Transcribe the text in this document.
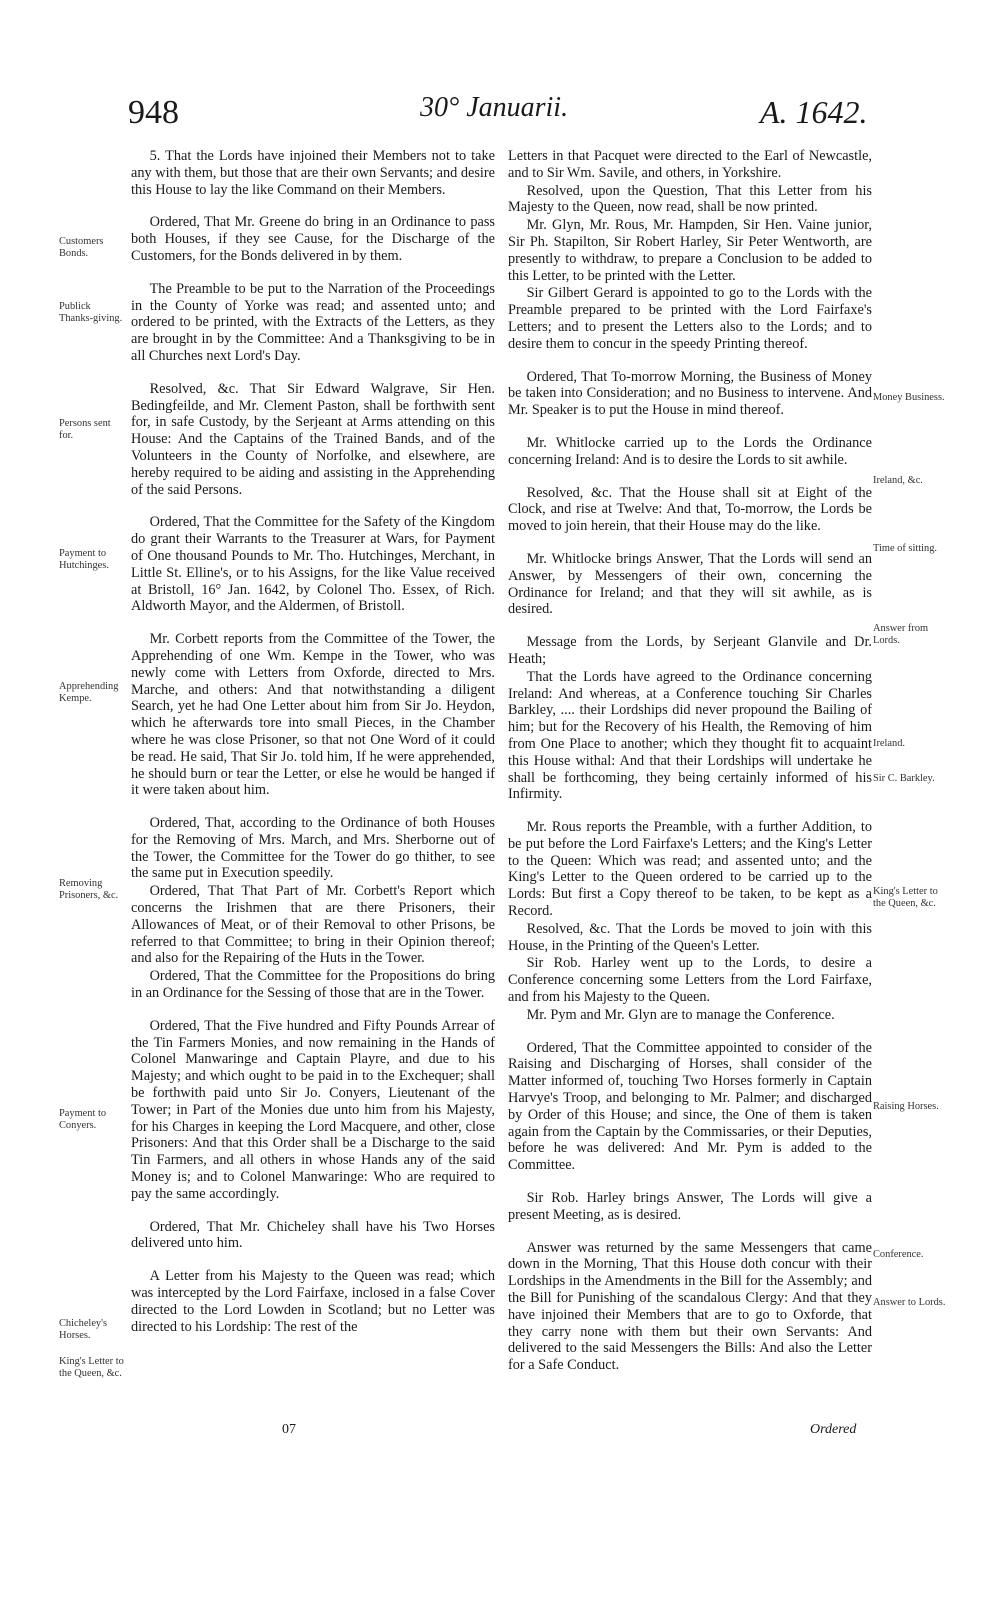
948	30° Januarii.	A. 1642.
Customers Bonds.
Publick Thanks-giving.
Persons sent for.
Payment to Hutchinges.
Apprehending Kempe.
Removing Prisoners, &c.
Payment to Conyers.
Chicheley's Horses.
King's Letter to the Queen, &c.
Money Business.
Ireland, &c.
Time of sitting.
Answer from Lords.
Ireland.
Sir C. Barkley.
King's Letter to the Queen, &c.
Raising Horses.
Conference.
Answer to Lords.

5. That the Lords have injoined their Members not to take any with them, but those that are their own Servants; and desire this House to lay the like Command on their Members.

Ordered, That Mr. Greene do bring in an Ordinance to pass both Houses, if they see Cause, for the Discharge of the Customers, for the Bonds delivered in by them.

The Preamble to be put to the Narration of the Proceedings in the County of Yorke was read; and assented unto; and ordered to be printed, with the Extracts of the Letters, as they are brought in by the Committee: And a Thanksgiving to be in all Churches next Lord's Day.

Resolved, &c. That Sir Edward Walgrave, Sir Hen. Bedingfeilde, and Mr. Clement Paston, shall be forthwith sent for, in safe Custody, by the Serjeant at Arms attending on this House: And the Captains of the Trained Bands, and of the Volunteers in the County of Norfolke, and elsewhere, are hereby required to be aiding and assisting in the Apprehending of the said Persons.

Ordered, That the Committee for the Safety of the Kingdom do grant their Warrants to the Treasurer at Wars, for Payment of One thousand Pounds to Mr. Tho. Hutchinges, Merchant, in Little St. Elline's, or to his Assigns, for the like Value received at Bristoll, 16° Jan. 1642, by Colonel Tho. Essex, of Rich. Aldworth Mayor, and the Aldermen, of Bristoll.

Mr. Corbett reports from the Committee of the Tower, the Apprehending of one Wm. Kempe in the Tower, who was newly come with Letters from Oxforde, directed to Mrs. Marche, and others: And that notwithstanding a diligent Search, yet he had One Letter about him from Sir Jo. Heydon, which he afterwards tore into small Pieces, in the Chamber where he was close Prisoner, so that not One Word of it could be read. He said, That Sir Jo. told him, If he were apprehended, he should burn or tear the Letter, or else he would be hanged if it were taken about him.

Ordered, That, according to the Ordinance of both Houses for the Removing of Mrs. March, and Mrs. Sherborne out of the Tower, the Committee for the Tower do go thither, to see the same put in Execution speedily.

Ordered, That That Part of Mr. Corbett's Report which concerns the Irishmen that are there Prisoners, their Allowances of Meat, or of their Removal to other Prisons, be referred to that Committee; to bring in their Opinion thereof; and also for the Repairing of the Huts in the Tower.

Ordered, That the Committee for the Propositions do bring in an Ordinance for the Sessing of those that are in the Tower.

Ordered, That the Five hundred and Fifty Pounds Arrear of the Tin Farmers Monies, and now remaining in the Hands of Colonel Manwaringe and Captain Playre, and due to his Majesty; and which ought to be paid in to the Exchequer; shall be forthwith paid unto Sir Jo. Conyers, Lieutenant of the Tower; in Part of the Monies due unto him from his Majesty, for his Charges in keeping the Lord Macquere, and other, close Prisoners: And that this Order shall be a Discharge to the said Tin Farmers, and all others in whose Hands any of the said Money is; and to Colonel Manwaringe: Who are required to pay the same accordingly.

Ordered, That Mr. Chicheley shall have his Two Horses delivered unto him.

A Letter from his Majesty to the Queen was read; which was intercepted by the Lord Fairfaxe, inclosed in a false Cover directed to the Lord Lowden in Scotland; but no Letter was directed to his Lordship: The rest of the

Letters in that Pacquet were directed to the Earl of Newcastle, and to Sir Wm. Savile, and others, in Yorkshire.

Resolved, upon the Question, That this Letter from his Majesty to the Queen, now read, shall be now printed.

Mr. Glyn, Mr. Rous, Mr. Hampden, Sir Hen. Vaine junior, Sir Ph. Stapilton, Sir Robert Harley, Sir Peter Wentworth, are presently to withdraw, to prepare a Conclusion to be added to this Letter, to be printed with the Letter.

Sir Gilbert Gerard is appointed to go to the Lords with the Preamble prepared to be printed with the Lord Fairfaxe's Letters; and to present the Letters also to the Lords; and to desire them to concur in the speedy Printing thereof.

Ordered, That To-morrow Morning, the Business of Money be taken into Consideration; and no Business to intervene. And Mr. Speaker is to put the House in mind thereof.

Mr. Whitlocke carried up to the Lords the Ordinance concerning Ireland: And is to desire the Lords to sit awhile.

Resolved, &c. That the House shall sit at Eight of the Clock, and rise at Twelve: And that, To-morrow, the Lords be moved to join herein, that their House may do the like.

Mr. Whitlocke brings Answer, That the Lords will send an Answer, by Messengers of their own, concerning the Ordinance for Ireland; and that they will sit awhile, as is desired.

Message from the Lords, by Serjeant Glanvile and Dr. Heath;

That the Lords have agreed to the Ordinance concerning Ireland: And whereas, at a Conference touching Sir Charles Barkley, .... their Lordships did never propound the Bailing of him; but for the Recovery of his Health, the Removing of him from One Place to another; which they thought fit to acquaint this House withal: And that their Lordships will undertake he shall be forthcoming, they being certainly informed of his Infirmity.

Mr. Rous reports the Preamble, with a further Addition, to be put before the Lord Fairfaxe's Letters; and the King's Letter to the Queen: Which was read; and assented unto; and the King's Letter to the Queen ordered to be carried up to the Lords: But first a Copy thereof to be taken, to be kept as a Record.

Resolved, &c. That the Lords be moved to join with this House, in the Printing of the Queen's Letter.

Sir Rob. Harley went up to the Lords, to desire a Conference concerning some Letters from the Lord Fairfaxe, and from his Majesty to the Queen.

Mr. Pym and Mr. Glyn are to manage the Conference.

Ordered, That the Committee appointed to consider of the Raising and Discharging of Horses, shall consider of the Matter informed of, touching Two Horses formerly in Captain Harvye's Troop, and belonging to Mr. Palmer; and discharged by Order of this House; and since, the One of them is taken again from the Captain by the Commissaries, or their Deputies, before he was delivered: And Mr. Pym is added to the Committee.

Sir Rob. Harley brings Answer, The Lords will give a present Meeting, as is desired.

Answer was returned by the same Messengers that came down in the Morning, That this House doth concur with their Lordships in the Amendments in the Bill for the Assembly; and the Bill for Punishing of the scandalous Clergy: And that they have injoined their Members that are to go to Oxforde, that they carry none with them but their own Servants: And delivered to the said Messengers the Bills: And also the Letter for a Safe Conduct.

07	Ordered
